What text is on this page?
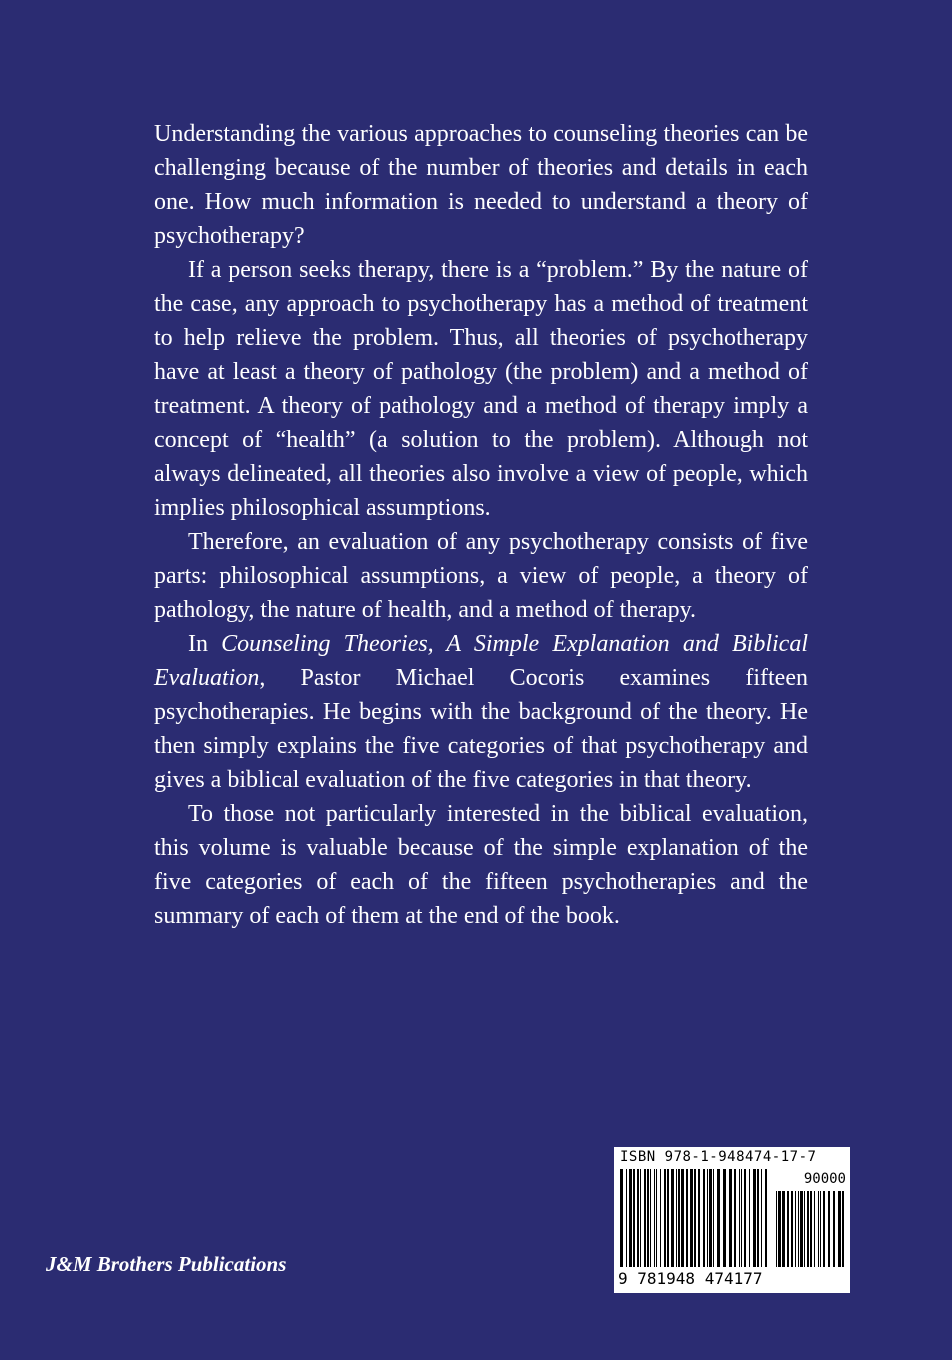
Understanding the various approaches to counseling theories can be challenging because of the number of theories and details in each one. How much information is needed to understand a theory of psychotherapy?

If a person seeks therapy, there is a “problem.” By the nature of the case, any approach to psychotherapy has a method of treatment to help relieve the problem. Thus, all theories of psychotherapy have at least a theory of pathology (the problem) and a method of treatment. A theory of pathology and a method of therapy imply a concept of “health” (a solution to the problem). Although not always delineated, all theories also involve a view of people, which implies philosophical assumptions.

Therefore, an evaluation of any psychotherapy consists of five parts: philosophical assumptions, a view of people, a theory of pathology, the nature of health, and a method of therapy.

In Counseling Theories, A Simple Explanation and Biblical Evaluation, Pastor Michael Cocoris examines fifteen psychotherapies. He begins with the background of the theory. He then simply explains the five categories of that psychotherapy and gives a biblical evaluation of the five categories in that theory.

To those not particularly interested in the biblical evaluation, this volume is valuable because of the simple explanation of the five categories of each of the fifteen psychotherapies and the summary of each of them at the end of the book.

J&M Brothers Publications
ISBN 978-1-948474-17-7
90000
9 781948 474177
